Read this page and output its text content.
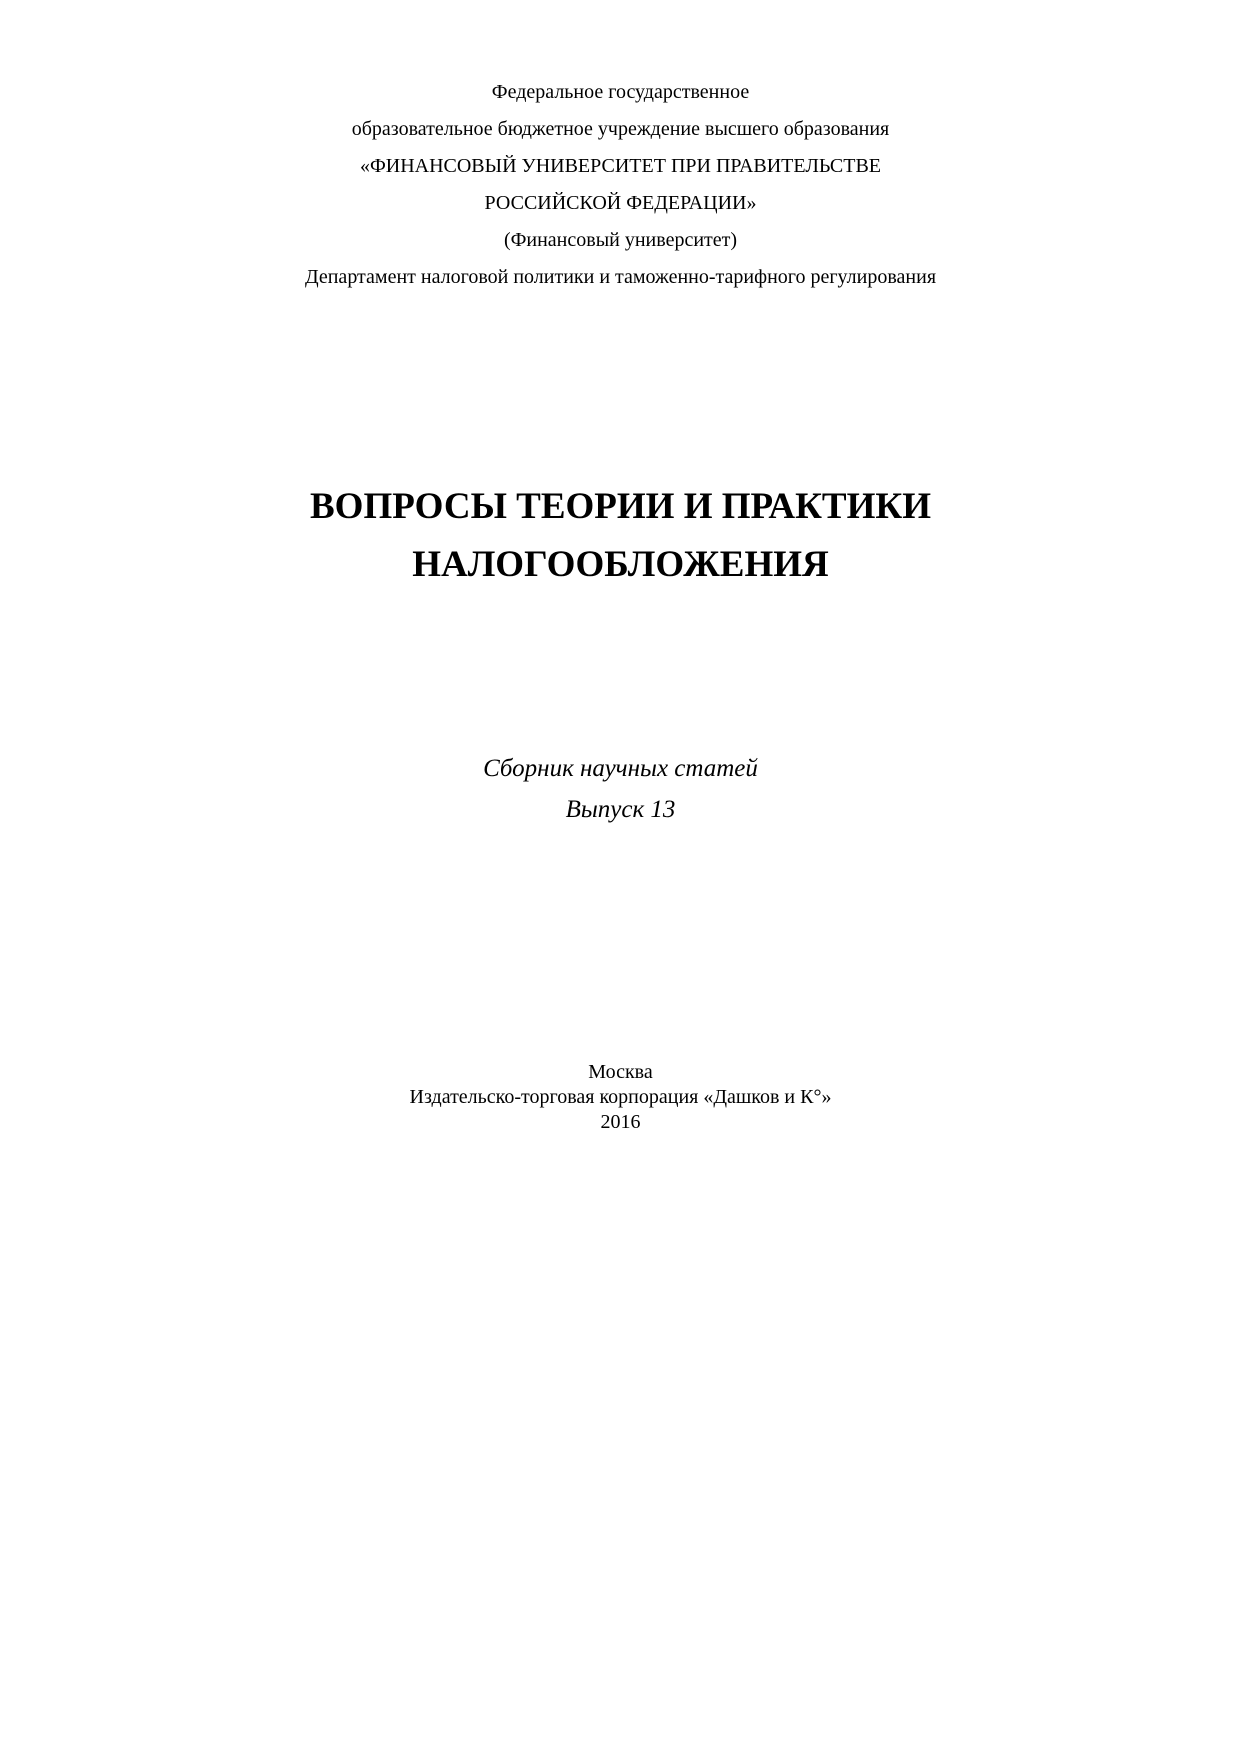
Федеральное государственное
образовательное бюджетное учреждение высшего образования
«ФИНАНСОВЫЙ УНИВЕРСИТЕТ ПРИ ПРАВИТЕЛЬСТВЕ
РОССИЙСКОЙ ФЕДЕРАЦИИ»
(Финансовый университет)
Департамент налоговой политики и таможенно-тарифного регулирования
ВОПРОСЫ ТЕОРИИ И ПРАКТИКИ
НАЛОГООБЛОЖЕНИЯ
Сборник научных статей
Выпуск 13
Москва
Издательско-торговая корпорация «Дашков и К°»
2016
